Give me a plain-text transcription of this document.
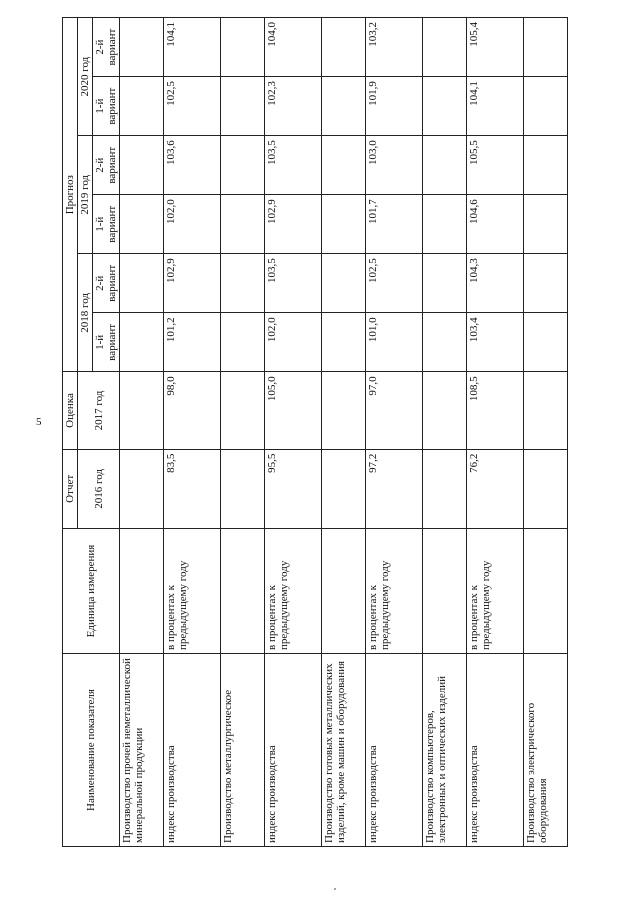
5
Наименование показателя	Единица измерения	Отчет	Оценка	Прогноз					
		2016 год	2017 год	2018 год		2019 год		2020 год	
				1-й вариант	2-й вариант	1-й вариант	2-й вариант	1-й вариант	2-й вариант
Производство прочей неметаллической минеральной продукции									
индекс производства	в процентах к предыдущему году	83,5	98,0	101,2	102,9	102,0	103,6	102,5	104,1
Производство металлургическое									
индекс производства	в процентах к предыдущему году	95,5	105,0	102,0	103,5	102,9	103,5	102,3	104,0
Производство готовых металлических изделий, кроме машин и оборудования									
индекс производства	в процентах к предыдущему году	97,2	97,0	101,0	102,5	101,7	103,0	101,9	103,2
Производство компьютеров, электронных и оптических изделий									
индекс производства	в процентах к предыдущему году	76,2	108,5	103,4	104,3	104,6	105,5	104,1	105,4
Производство электрического оборудования									
